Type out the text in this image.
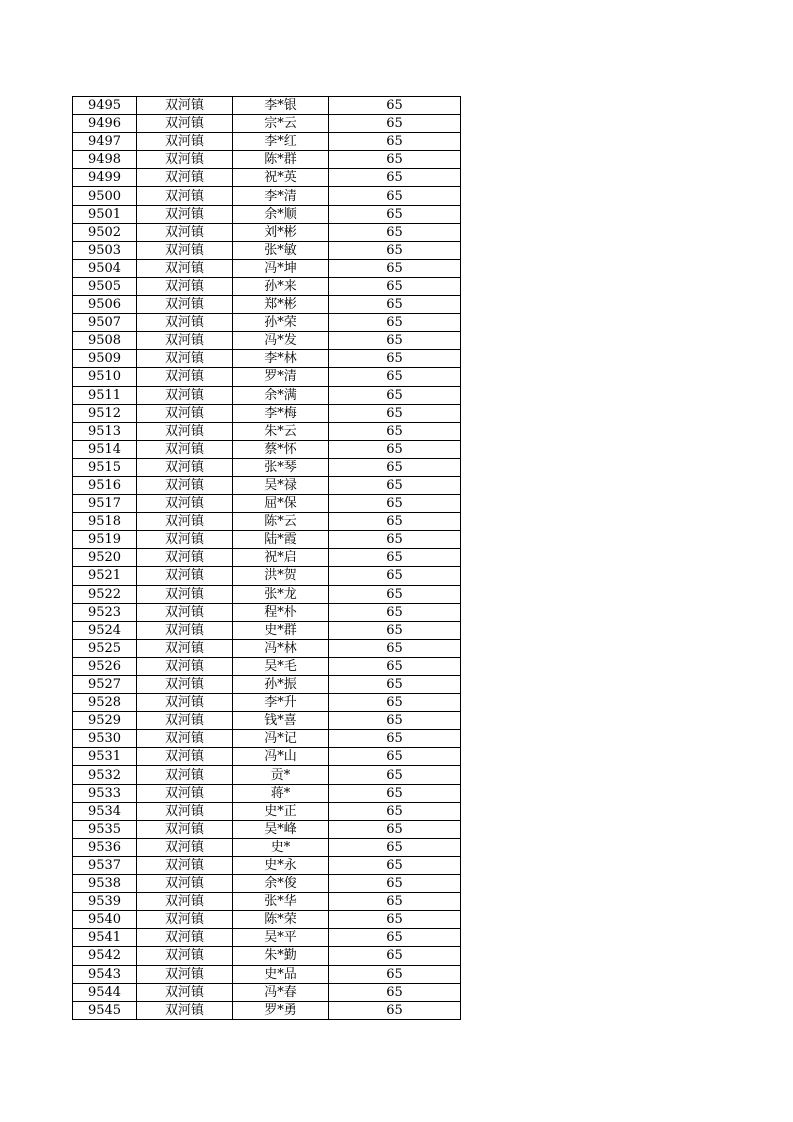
9495	双河镇	李*银	65
9496	双河镇	宗*云	65
9497	双河镇	李*红	65
9498	双河镇	陈*群	65
9499	双河镇	祝*英	65
9500	双河镇	李*清	65
9501	双河镇	余*顺	65
9502	双河镇	刘*彬	65
9503	双河镇	张*敏	65
9504	双河镇	冯*坤	65
9505	双河镇	孙*来	65
9506	双河镇	郑*彬	65
9507	双河镇	孙*荣	65
9508	双河镇	冯*发	65
9509	双河镇	李*林	65
9510	双河镇	罗*清	65
9511	双河镇	余*满	65
9512	双河镇	李*梅	65
9513	双河镇	朱*云	65
9514	双河镇	蔡*怀	65
9515	双河镇	张*琴	65
9516	双河镇	吴*禄	65
9517	双河镇	屈*保	65
9518	双河镇	陈*云	65
9519	双河镇	陆*霞	65
9520	双河镇	祝*启	65
9521	双河镇	洪*贺	65
9522	双河镇	张*龙	65
9523	双河镇	程*朴	65
9524	双河镇	史*群	65
9525	双河镇	冯*林	65
9526	双河镇	吴*毛	65
9527	双河镇	孙*振	65
9528	双河镇	李*升	65
9529	双河镇	钱*喜	65
9530	双河镇	冯*记	65
9531	双河镇	冯*山	65
9532	双河镇	贡*	65
9533	双河镇	蒋*	65
9534	双河镇	史*正	65
9535	双河镇	吴*峰	65
9536	双河镇	史*	65
9537	双河镇	史*永	65
9538	双河镇	余*俊	65
9539	双河镇	张*华	65
9540	双河镇	陈*荣	65
9541	双河镇	吴*平	65
9542	双河镇	朱*勤	65
9543	双河镇	史*品	65
9544	双河镇	冯*春	65
9545	双河镇	罗*勇	65
